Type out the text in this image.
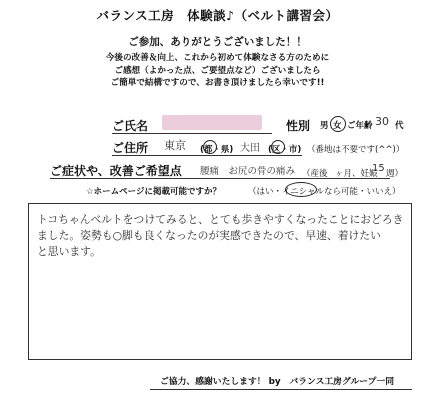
バランス工房　体験談♪（ベルト講習会）
ご参加、ありがとうございました！！
今後の改善＆向上、これから初めて体験なさる方のために
ご感想（よかった点、ご要望点など）ございましたら
ご簡単で結構ですので、お書き頂けましたら幸いです!!
ご氏名	性別 男 女 ご年齢 30 代
ご住所 東京 (都・県) 大田 (区・市) （番地は不要です(^^)）
ご症状や、改善ご希望点 腰痛　お尻の骨の痛み （産後 ヶ月、妊娠
15 週）
☆ホームページに掲載可能ですか？	（はい・イニシャルなら可能・いいえ）
トコちゃんベルトをつけてみると、とても歩きやすくなったことにおどろき
ました。姿勢も○脚も良くなったのが実感できたので、早速、着けたい
と思います。
ご協力、感謝いたします！ by　バランス工房グループ一同
